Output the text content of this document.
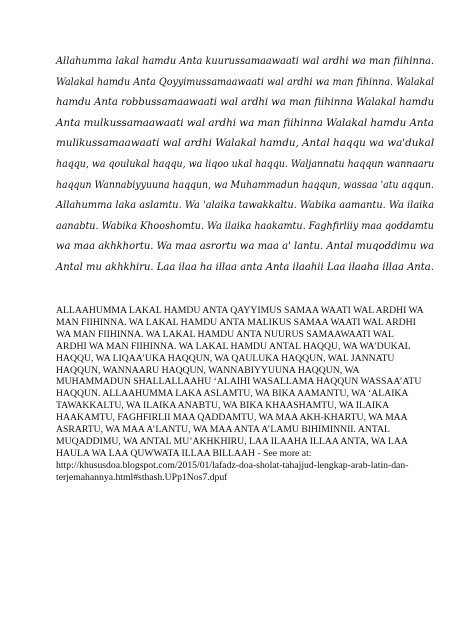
Allahumma lakal hamdu Anta kuurussamaawaati wal ardhi wa man fiihinna.
Walakal hamdu Anta Qoyyimussamaawaati wal ardhi wa man fihinna. Walakal
hamdu Anta robbussamaawaati wal ardhi wa man fiihinna Walakal hamdu
Anta mulkussamaawaati wal ardhi wa man fiihinna Walakal hamdu Anta
mulikussamaawaati wal ardhi Walakal hamdu, Antal haqqu wa wa'dukal
haqqu, wa qoulukal haqqu, wa liqoo ukal haqqu. Waljannatu haqqun wannaaru
haqqun Wannabiyyuuna haqqun, wa Muhammadun haqqun, wassaa 'atu aqqun.
Allahumma laka aslamtu. Wa 'alaika tawakkaltu. Wabika aamantu. Wa ilaika
aanabtu. Wabika Khooshomtu. Wa ilaika haakamtu. Faghfirliiy maa qoddamtu
wa maa akhkhortu. Wa maa asrortu wa maa a' lantu. Antal muqoddimu wa
Antal mu akhkhiru. Laa ilaa ha illaa anta Anta ilaahii Laa ilaaha illaa Anta.
ALLAAHUMMA LAKAL HAMDU ANTA QAYYIMUS SAMAA WAATI WAL ARDHI WA
MAN FIIHINNA. WA LAKAL HAMDU ANTA MALIKUS SAMAA WAATI WAL ARDHI
WA MAN FIIHINNA. WA LAKAL HAMDU ANTA NUURUS SAMAAWAATI WAL
ARDHI WA MAN FIIHINNA. WA LAKAL HAMDU ANTAL HAQQU, WA WA’DUKAL
HAQQU, WA LIQAA’UKA HAQQUN, WA QAULUKA HAQQUN, WAL JANNATU
HAQQUN, WANNAARU HAQQUN, WANNABIYYUUNA HAQQUN, WA
MUHAMMADUN SHALLALLAAHU ‘ALAIHI WASALLAMA HAQQUN WASSAA’ATU
HAQQUN. ALLAAHUMMA LAKA ASLAMTU, WA BIKA AAMANTU, WA ‘ALAIKA
TAWAKKALTU, WA ILAIKA ANABTU, WA BIKA KHAASHAMTU, WA ILAIKA
HAAKAMTU, FAGHFIRLII MAA QADDAMTU, WA MAA AKH-KHARTU, WA MAA
ASRARTU, WA MAA A’LANTU, WA MAA ANTA A’LAMU BIHIMINNII. ANTAL
MUQADDIMU, WA ANTAL MU’AKHKHIRU, LAA ILAAHA ILLAA ANTA, WA LAA
HAULA WA LAA QUWWATA ILLAA BILLAAH - See more at:
http://khususdoa.blogspot.com/2015/01/lafadz-doa-sholat-tahajjud-lengkap-arab-latin-dan-
terjemahannya.html#sthash.UPp1Nos7.dpuf
